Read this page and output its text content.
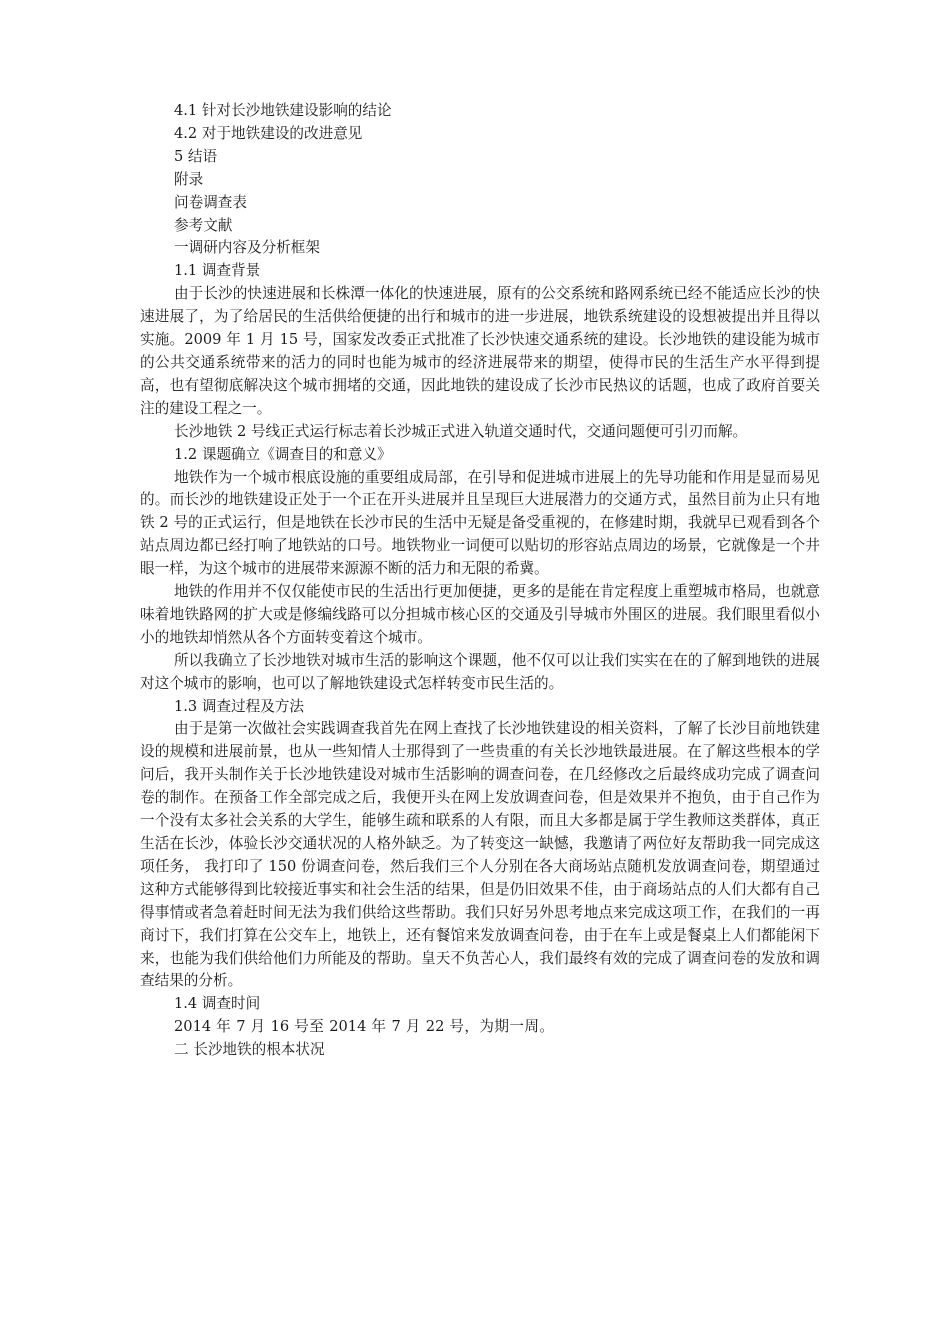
4.1 针对长沙地铁建设影响的结论

4.2 对于地铁建设的改进意见

5 结语

附录

问卷调查表

参考文献

一调研内容及分析框架

1.1 调查背景

由于长沙的快速进展和长株潭一体化的快速进展，原有的公交系统和路网系统已经不能适应长沙的快速进展了，为了给居民的生活供给便捷的出行和城市的进一步进展，地铁系统建设的设想被提出并且得以实施。2009 年 1 月 15 号，国家发改委正式批准了长沙快速交通系统的建设。长沙地铁的建设能为城市的公共交通系统带来的活力的同时也能为城市的经济进展带来的期望，使得市民的生活生产水平得到提高，也有望彻底解决这个城市拥堵的交通，因此地铁的建设成了长沙市民热议的话题，也成了政府首要关注的建设工程之一。

长沙地铁 2 号线正式运行标志着长沙城正式进入轨道交通时代，交通问题便可引刃而解。

1.2 课题确立《调查目的和意义》

地铁作为一个城市根底设施的重要组成局部，在引导和促进城市进展上的先导功能和作用是显而易见的。而长沙的地铁建设正处于一个正在开头进展并且呈现巨大进展潜力的交通方式，虽然目前为止只有地铁 2 号的正式运行，但是地铁在长沙市民的生活中无疑是备受重视的，在修建时期，我就早已观看到各个站点周边都已经打响了地铁站的口号。地铁物业一词便可以贴切的形容站点周边的场景，它就像是一个井眼一样，为这个城市的进展带来源源不断的活力和无限的希冀。

地铁的作用并不仅仅能使市民的生活出行更加便捷，更多的是能在肯定程度上重塑城市格局，也就意味着地铁路网的扩大或是修编线路可以分担城市核心区的交通及引导城市外围区的进展。我们眼里看似小小的地铁却悄然从各个方面转变着这个城市。

所以我确立了长沙地铁对城市生活的影响这个课题，他不仅可以让我们实实在在的了解到地铁的进展对这个城市的影响，也可以了解地铁建设式怎样转变市民生活的。

1.3 调查过程及方法

由于是第一次做社会实践调查我首先在网上查找了长沙地铁建设的相关资料，了解了长沙目前地铁建设的规模和进展前景，也从一些知情人士那得到了一些贵重的有关长沙地铁最进展。在了解这些根本的学问后，我开头制作关于长沙地铁建设对城市生活影响的调查问卷，在几经修改之后最终成功完成了调查问卷的制作。在预备工作全部完成之后，我便开头在网上发放调查问卷，但是效果并不抱负，由于自己作为一个没有太多社会关系的大学生，能够生疏和联系的人有限，而且大多都是属于学生教师这类群体，真正生活在长沙，体验长沙交通状况的人格外缺乏。为了转变这一缺憾，我邀请了两位好友帮助我一同完成这项任务， 我打印了 150 份调查问卷，然后我们三个人分别在各大商场站点随机发放调查问卷，期望通过这种方式能够得到比较接近事实和社会生活的结果，但是仍旧效果不佳，由于商场站点的人们大都有自己得事情或者急着赶时间无法为我们供给这些帮助。我们只好另外思考地点来完成这项工作，在我们的一再商讨下，我们打算在公交车上，地铁上，还有餐馆来发放调查问卷，由于在车上或是餐桌上人们都能闲下来，也能为我们供给他们力所能及的帮助。皇天不负苦心人，我们最终有效的完成了调查问卷的发放和调查结果的分析。

1.4 调查时间

2014 年 7 月 16 号至 2014 年 7 月 22 号，为期一周。二 长沙地铁的根本状况
